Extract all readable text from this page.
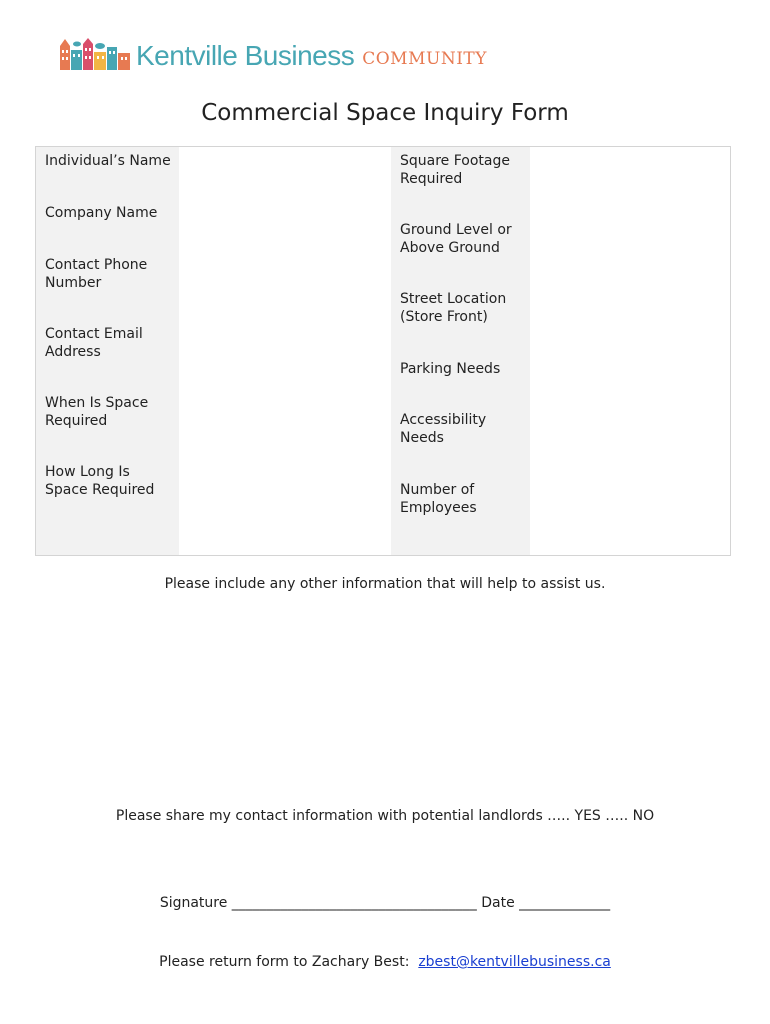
Kentville Business COMMUNITY
Commercial Space Inquiry Form
Individual’s Name
Company Name
Contact Phone Number
Contact Email Address
When Is Space Required
How Long Is Space Required
Square Footage Required
Ground Level or Above Ground
Street Location (Store Front)
Parking Needs
Accessibility Needs
Number of Employees
Please include any other information that will help to assist us.
Please share my contact information with potential landlords ….. YES ….. NO
Signature ___________________________________ Date _____________
Please return form to Zachary Best: zbest@kentvillebusiness.ca
